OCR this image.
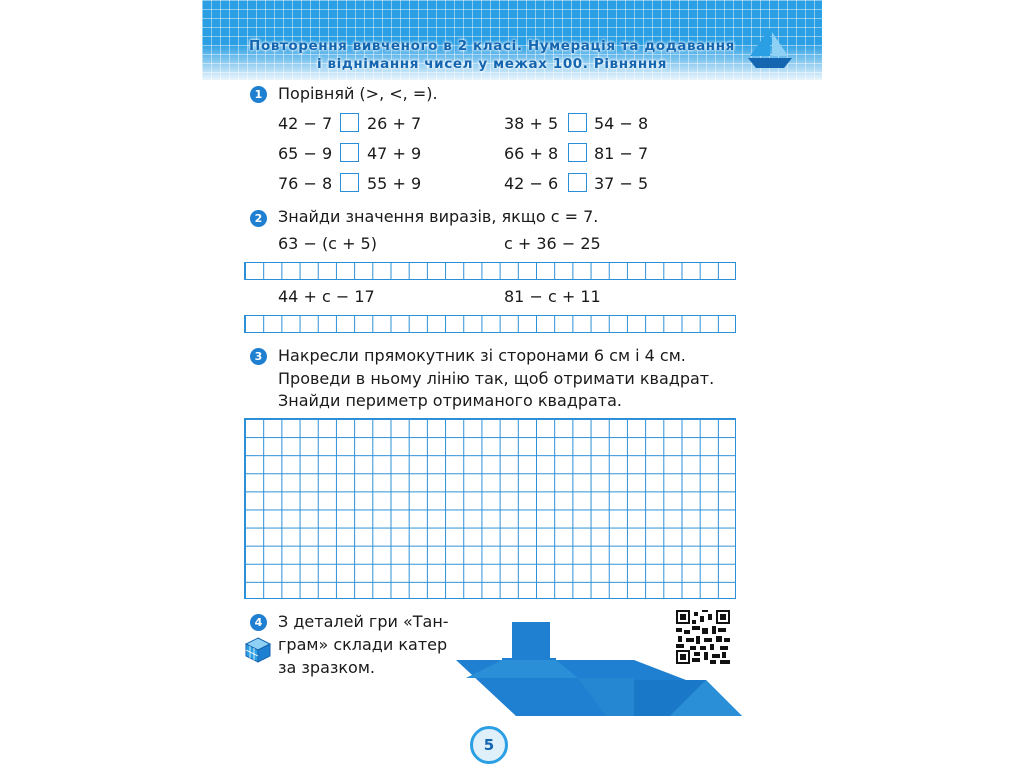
Повторення вивченого в 2 класі. Нумерація та додавання
і віднімання чисел у межах 100. Рівняння
1 Порівняй (>, <, =).
42 − 7 26 + 7	38 + 5 54 − 8
65 − 9 47 + 9	66 + 8 81 − 7
76 − 8 55 + 9	42 − 6 37 − 5
2 Знайди значення виразів, якщо c = 7.
63 − (c + 5)	c + 36 − 25
44 + c − 17	81 − c + 11
3 Накресли прямокутник зі сторонами 6 см і 4 см.
Проведи в ньому лінію так, щоб отримати квадрат.
Знайди периметр отриманого квадрата.
4 З деталей гри «Тан-
грам» склади катер
за зразком.
5
